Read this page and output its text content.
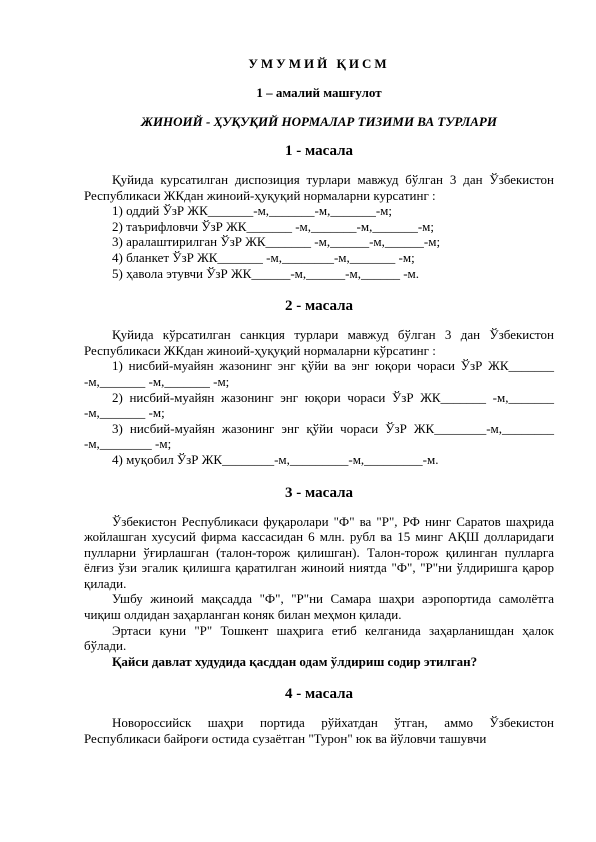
УМУМИЙ ҚИСМ
1 – амалий машғулот
ЖИНОИЙ - ҲУҚУҚИЙ НОРМАЛАР ТИЗИМИ ВА ТУРЛАРИ
1 - масала

Қуйида курсатилган диспозиция турлари мавжуд бўлган 3 дан Ўзбекистон Республикаси ЖКдан жиноий-ҳуқуқий нормаларни курсатинг :

1) оддий ЎзР ЖК_______-м,_______-м,_______-м;

2) таърифловчи ЎзР ЖК_______ -м,_______-м,_______-м;

3) аралаштирилган ЎзР ЖК_______ -м,______-м,______-м;

4) бланкет ЎзР ЖК_______ -м,________-м,_______ -м;

5) ҳавола этувчи ЎзР ЖК______-м,______-м,______ -м.

2 - масала

Қуйида кўрсатилган санкция турлари мавжуд бўлган 3 дан Ўзбекистон Республикаси ЖКдан жиноий-ҳуқуқий нормаларни кўрсатинг :

1) нисбий-муайян жазонинг энг қўйи ва энг юқори чораси ЎзР ЖК_______ -м,_______ -м,_______ -м;

2) нисбий-муайян жазонинг энг юқори чораси ЎзР ЖК_______ -м,_______ -м,_______ -м;

3) нисбий-муайян жазонинг энг қўйи чораси ЎзР ЖК________-м,________ -м,________ -м;

4) муқобил ЎзР ЖК________-м,_________-м,_________-м.

3 - масала

Ўзбекистон Республикаси фуқаролари "Ф" ва "Р", РФ нинг Саратов шаҳрида жойлашган хусусий фирма кассасидан 6 млн. рубл ва 15 минг АҚШ долларидаги пулларни ўғирлашган (талон-торож қилишган). Талон-торож қилинган пулларга ёлғиз ўзи эгалик қилишга қаратилган жиноий ниятда "Ф", "Р"ни ўлдиришга қарор қилади.

Ушбу жиноий мақсадда "Ф", "Р"ни Самара шаҳри аэропортида самолётга чиқиш олдидан заҳарланган коняк билан меҳмон қилади.

Эртаси куни "Р" Тошкент шаҳрига етиб келганида заҳарланишдан ҳалок бўлади.

Қайси давлат худудида қасддан одам ўлдириш содир этилган?

4 - масала

Новороссийск шаҳри портида рўйхатдан ўтган, аммо Ўзбекистон Республикаси байроғи остида сузаётган "Турон" юк ва йўловчи ташувчи
